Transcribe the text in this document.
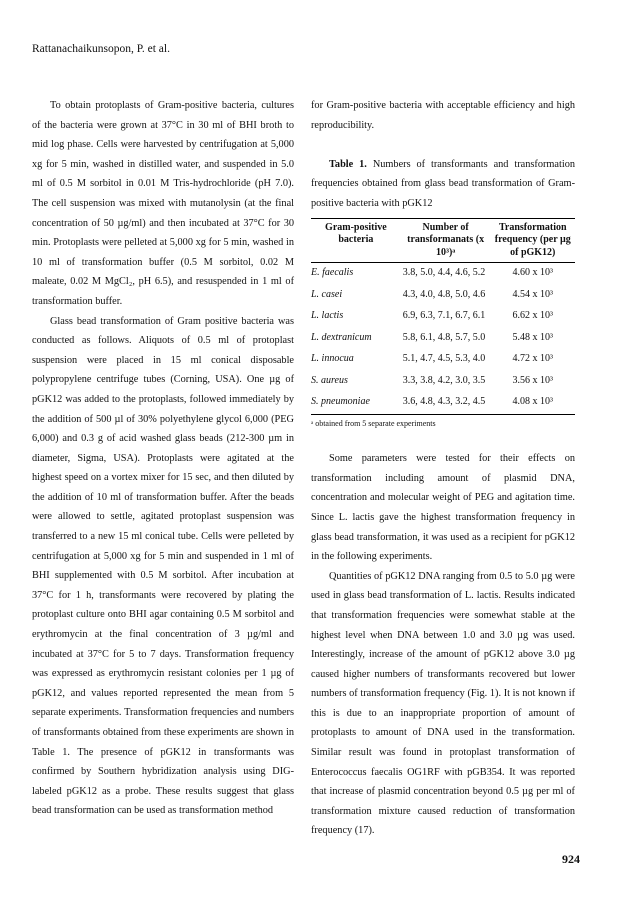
Rattanachaikunsopon, P. et al.

To obtain protoplasts of Gram-positive bacteria, cultures of the bacteria were grown at 37°C in 30 ml of BHI broth to mid log phase. Cells were harvested by centrifugation at 5,000 xg for 5 min, washed in distilled water, and suspended in 5.0 ml of 0.5 M sorbitol in 0.01 M Tris-hydrochloride (pH 7.0). The cell suspension was mixed with mutanolysin (at the final concentration of 50 µg/ml) and then incubated at 37°C for 30 min. Protoplasts were pelleted at 5,000 xg for 5 min, washed in 10 ml of transformation buffer (0.5 M sorbitol, 0.02 M maleate, 0.02 M MgCl₂, pH 6.5), and resuspended in 1 ml of transformation buffer.

Glass bead transformation of Gram positive bacteria was conducted as follows. Aliquots of 0.5 ml of protoplast suspension were placed in 15 ml conical disposable polypropylene centrifuge tubes (Corning, USA). One µg of pGK12 was added to the protoplasts, followed immediately by the addition of 500 µl of 30% polyethylene glycol 6,000 (PEG 6,000) and 0.3 g of acid washed glass beads (212-300 µm in diameter, Sigma, USA). Protoplasts were agitated at the highest speed on a vortex mixer for 15 sec, and then diluted by the addition of 10 ml of transformation buffer. After the beads were allowed to settle, agitated protoplast suspension was transferred to a new 15 ml conical tube. Cells were pelleted by centrifugation at 5,000 xg for 5 min and suspended in 1 ml of BHI supplemented with 0.5 M sorbitol. After incubation at 37°C for 1 h, transformants were recovered by plating the protoplast culture onto BHI agar containing 0.5 M sorbitol and erythromycin at the final concentration of 3 µg/ml and incubated at 37°C for 5 to 7 days. Transformation frequency was expressed as erythromycin resistant colonies per 1 µg of pGK12, and values reported represented the mean from 5 separate experiments. Transformation frequencies and numbers of transformants obtained from these experiments are shown in Table 1. The presence of pGK12 in transformants was confirmed by Southern hybridization analysis using DIG-labeled pGK12 as a probe. These results suggest that glass bead transformation can be used as transformation method

for Gram-positive bacteria with acceptable efficiency and high reproducibility.

Table 1. Numbers of transformants and transformation frequencies obtained from glass bead transformation of Gram-positive bacteria with pGK12

Gram-positive bacteria	Number of transformanats (x 10³)ᵃ	Transformation frequency (per µg of pGK12)
E. faecalis	3.8, 5.0, 4.4, 4.6, 5.2	4.60 x 10³
L. casei	4.3, 4.0, 4.8, 5.0, 4.6	4.54 x 10³
L. lactis	6.9, 6.3, 7.1, 6.7, 6.1	6.62 x 10³
L. dextranicum	5.8, 6.1, 4.8, 5.7, 5.0	5.48 x 10³
L. innocua	5.1, 4.7, 4.5, 5.3, 4.0	4.72 x 10³
S. aureus	3.3, 3.8, 4.2, 3.0, 3.5	3.56 x 10³
S. pneumoniae	3.6, 4.8, 4.3, 3.2, 4.5	4.08 x 10³
ᵃ obtained from 5 separate experiments

Some parameters were tested for their effects on transformation including amount of plasmid DNA, concentration and molecular weight of PEG and agitation time. Since L. lactis gave the highest transformation frequency in glass bead transformation, it was used as a recipient for pGK12 in the following experiments.

Quantities of pGK12 DNA ranging from 0.5 to 5.0 µg were used in glass bead transformation of L. lactis. Results indicated that transformation frequencies were somewhat stable at the highest level when DNA between 1.0 and 3.0 µg was used. Interestingly, increase of the amount of pGK12 above 3.0 µg caused higher numbers of transformants recovered but lower numbers of transformation frequency (Fig. 1). It is not known if this is due to an inappropriate proportion of amount of protoplasts to amount of DNA used in the transformation. Similar result was found in protoplast transformation of Enterococcus faecalis OG1RF with pGB354. It was reported that increase of plasmid concentration beyond 0.5 µg per ml of transformation mixture caused reduction of transformation frequency (17).

924
